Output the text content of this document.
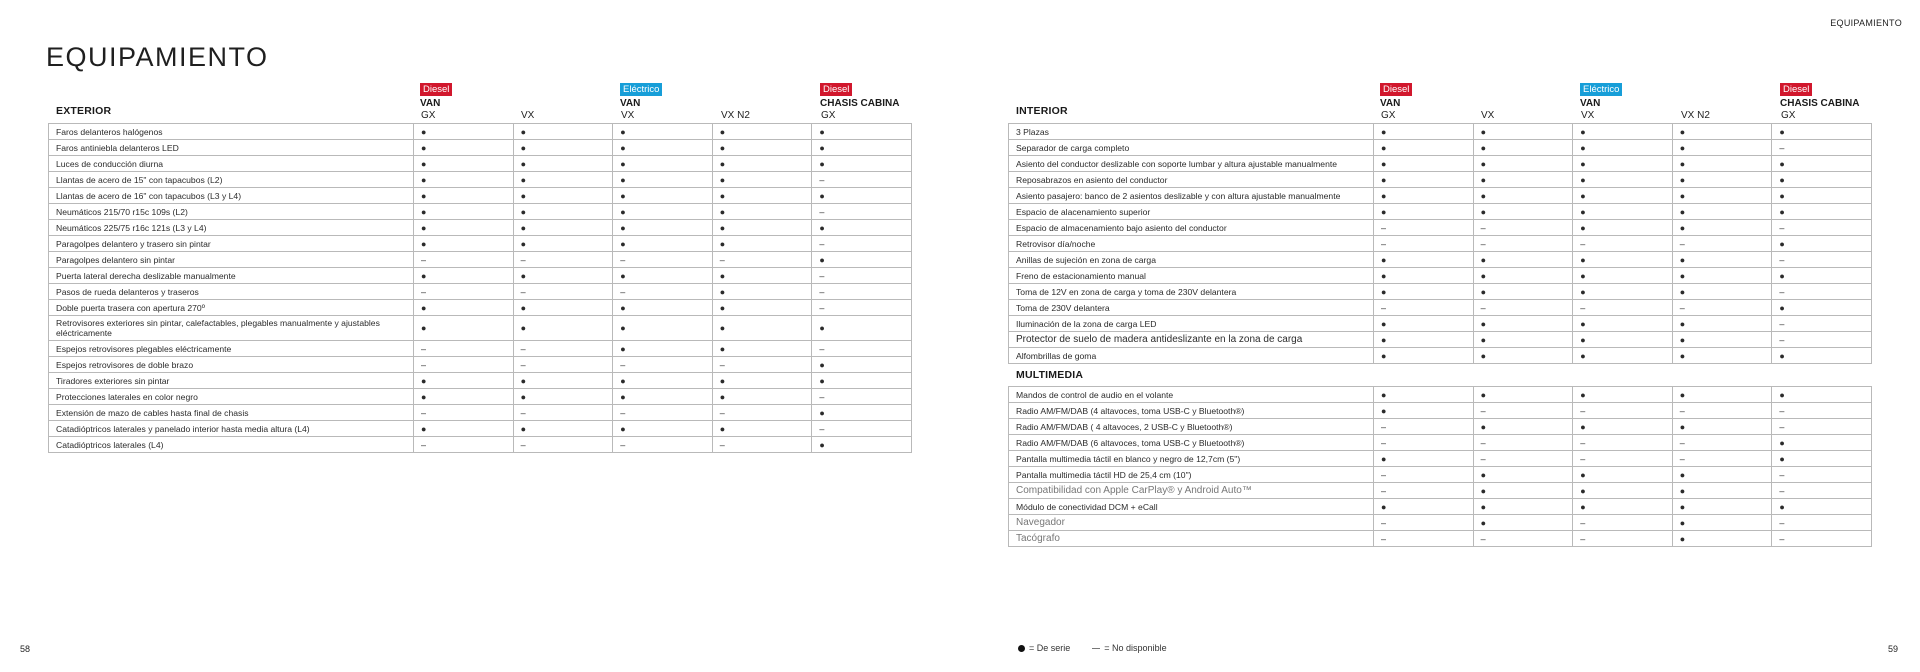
EQUIPAMIENTO
EQUIPAMIENTO
EXTERIOR
Diesel
VAN
Eléctrico
VAN
Diesel
CHASIS CABINA
GX	VX	VX	VX N2	GX
Faros delanteros halógenos	●	●	●	●	●
Faros antiniebla delanteros LED	●	●	●	●	●
Luces de conducción diurna	●	●	●	●	●
Llantas de acero de 15" con tapacubos (L2)	●	●	●	●	–
Llantas de acero de 16" con tapacubos (L3 y L4)	●	●	●	●	●
Neumáticos 215/70 r15c 109s (L2)	●	●	●	●	–
Neumáticos 225/75 r16c 121s (L3 y L4)	●	●	●	●	●
Paragolpes delantero y trasero sin pintar	●	●	●	●	–
Paragolpes delantero sin pintar	–	–	–	–	●
Puerta lateral derecha deslizable manualmente	●	●	●	●	–
Pasos de rueda delanteros y traseros	–	–	–	●	–
Doble puerta trasera con apertura 270º	●	●	●	●	–
Retrovisores exteriores sin pintar, calefactables, plegables manualmente y ajustables eléctricamente	●	●	●	●	●
Espejos retrovisores plegables eléctricamente	–	–	●	●	–
Espejos retrovisores de doble brazo	–	–	–	–	●
Tiradores exteriores sin pintar	●	●	●	●	●
Protecciones laterales en color negro	●	●	●	●	–
Extensión de mazo de cables hasta final de chasis	–	–	–	–	●
Catadióptricos laterales y panelado interior hasta media altura (L4)	●	●	●	●	–
Catadióptricos laterales (L4)	–	–	–	–	●
INTERIOR
Diesel
VAN
Eléctrico
VAN
Diesel
CHASIS CABINA
GX	VX	VX	VX N2	GX
3 Plazas	●	●	●	●	●
Separador de carga completo	●	●	●	●	–
Asiento del conductor deslizable con soporte lumbar y altura ajustable manualmente	●	●	●	●	●
Reposabrazos en asiento del conductor	●	●	●	●	●
Asiento pasajero: banco de 2 asientos deslizable y con altura ajustable manualmente	●	●	●	●	●
Espacio de alacenamiento superior	●	●	●	●	●
Espacio de almacenamiento bajo asiento del conductor	–	–	●	●	–
Retrovisor día/noche	–	–	–	–	●
Anillas de sujeción en zona de carga	●	●	●	●	–
Freno de estacionamiento manual	●	●	●	●	●
Toma de 12V en zona de carga y toma de 230V delantera	●	●	●	●	–
Toma de 230V delantera	–	–	–	–	●
Iluminación de la zona de carga LED	●	●	●	●	–
Protector de suelo de madera antideslizante en la zona de carga	●	●	●	●	–
Alfombrillas de goma	●	●	●	●	●
MULTIMEDIA
Mandos de control de audio en el volante	●	●	●	●	●
Radio AM/FM/DAB (4 altavoces, toma USB-C y Bluetooth®)	●	–	–	–	–
Radio AM/FM/DAB ( 4 altavoces, 2 USB-C y Bluetooth®)	–	●	●	●	–
Radio AM/FM/DAB (6 altavoces, toma USB-C y Bluetooth®)	–	–	–	–	●
Pantalla multimedia táctil en blanco y negro de 12,7cm (5")	●	–	–	–	●
Pantalla multimedia táctil HD de 25,4 cm (10")	–	●	●	●	–
Compatibilidad con Apple CarPlay® y Android Auto™	–	●	●	●	–
Módulo de conectividad DCM + eCall	●	●	●	●	●
Navegador	–	●	–	●	–
Tacógrafo	–	–	–	●	–
= De serie	= No disponible
58	59
